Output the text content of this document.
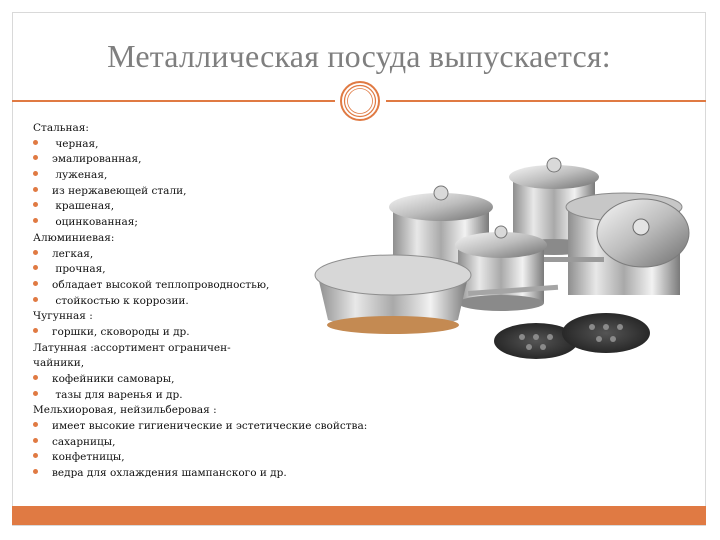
Металлическая посуда выпускается:
Стальная:
черная,
эмалированная,
луженая,
из нержавеющей стали,
крашеная,
оцинкованная;
Алюминиевая:
легкая,
прочная,
обладает высокой теплопроводностью,
стойкостью к коррозии.
Чугунная :
горшки, сковороды и др.
Латунная :ассортимент ограничен-
чайники,
кофейники самовары,
тазы для варенья и др.
Мельхиоровая, нейзильберовая :
имеет высокие гигиенические и эстетические свойства:
сахарницы,
конфетницы,
ведра для охлаждения шампанского и др.
